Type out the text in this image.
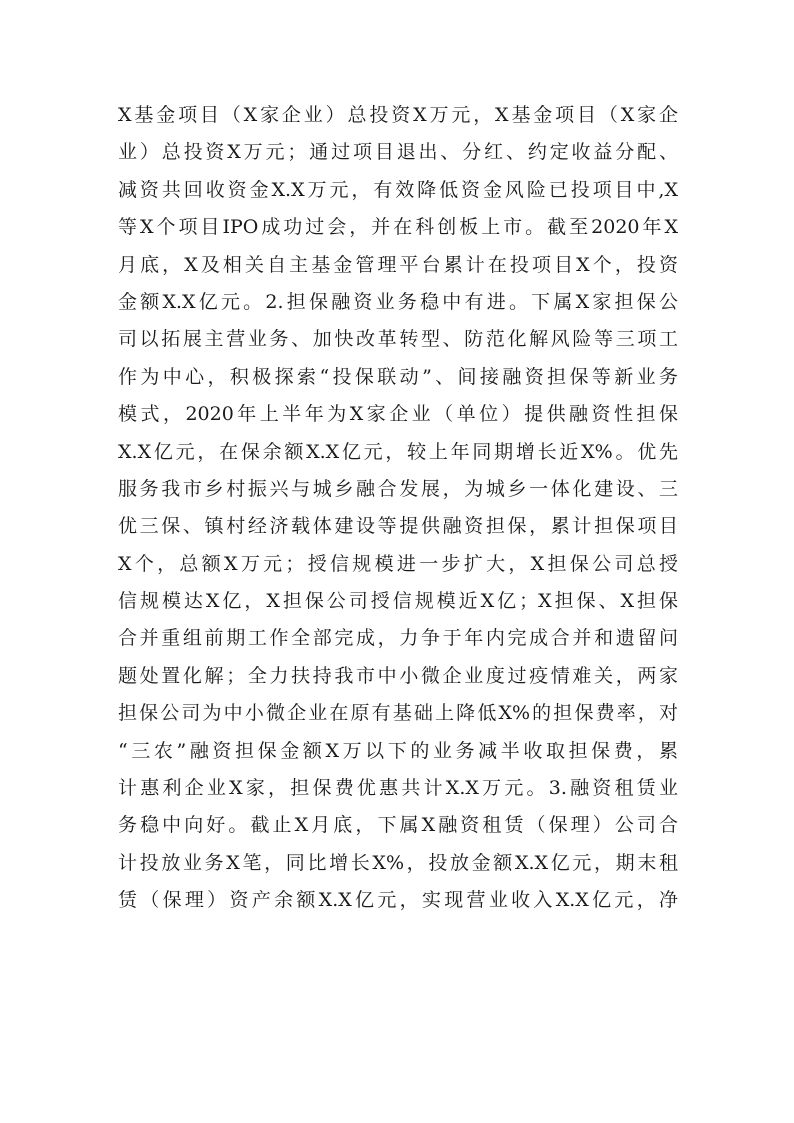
X基金项目（X家企业）总投资X万元，X基金项目（X家企
业）总投资X万元；通过项目退出、分红、约定收益分配、
减资共回收资金X.X万元，有效降低资金风险已投项目中,X
等X个项目IPO成功过会，并在科创板上市。截至2020年X
月底，X及相关自主基金管理平台累计在投项目X个，投资
金额X.X亿元。2.担保融资业务稳中有进。下属X家担保公
司以拓展主营业务、加快改革转型、防范化解风险等三项工
作为中心，积极探索“投保联动”、间接融资担保等新业务
模式，2020年上半年为X家企业（单位）提供融资性担保
X.X亿元，在保余额X.X亿元，较上年同期增长近X%。优先
服务我市乡村振兴与城乡融合发展，为城乡一体化建设、三
优三保、镇村经济载体建设等提供融资担保，累计担保项目
X个，总额X万元；授信规模进一步扩大，X担保公司总授
信规模达X亿，X担保公司授信规模近X亿；X担保、X担保
合并重组前期工作全部完成，力争于年内完成合并和遗留问
题处置化解；全力扶持我市中小微企业度过疫情难关，两家
担保公司为中小微企业在原有基础上降低X%的担保费率，对
“三农”融资担保金额X万以下的业务减半收取担保费，累
计惠利企业X家，担保费优惠共计X.X万元。3.融资租赁业
务稳中向好。截止X月底，下属X融资租赁（保理）公司合
计投放业务X笔，同比增长X%，投放金额X.X亿元，期末租
赁（保理）资产余额X.X亿元，实现营业收入X.X亿元，净
